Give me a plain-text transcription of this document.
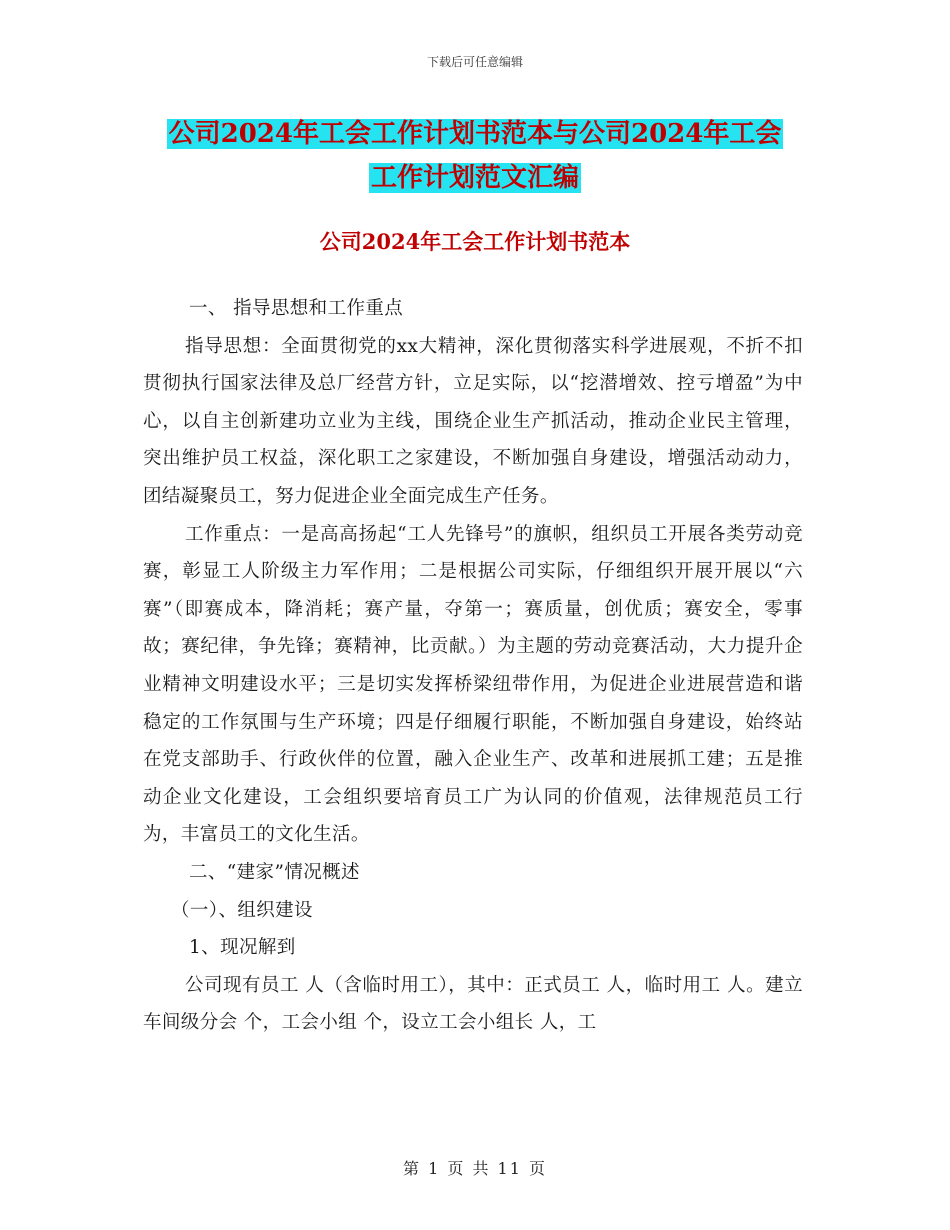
下载后可任意编辑
公司2024年工会工作计划书范本与公司2024年工会
工作计划范文汇编
公司2024年工会工作计划书范本

一、 指导思想和工作重点

指导思想：全面贯彻党的xx大精神，深化贯彻落实科学进展观，不折不扣贯彻执行国家法律及总厂经营方针，立足实际，以“挖潜增效、控亏增盈”为中心，以自主创新建功立业为主线，围绕企业生产抓活动，推动企业民主管理，突出维护员工权益，深化职工之家建设，不断加强自身建设，增强活动动力，团结凝聚员工，努力促进企业全面完成生产任务。

工作重点：一是高高扬起“工人先锋号”的旗帜，组织员工开展各类劳动竞赛，彰显工人阶级主力军作用；二是根据公司实际，仔细组织开展开展以“六赛”（即赛成本，降消耗；赛产量，夺第一；赛质量，创优质；赛安全，零事故；赛纪律，争先锋；赛精神，比贡献。）为主题的劳动竞赛活动，大力提升企业精神文明建设水平；三是切实发挥桥梁纽带作用，为促进企业进展营造和谐稳定的工作氛围与生产环境；四是仔细履行职能，不断加强自身建设，始终站在党支部助手、行政伙伴的位置，融入企业生产、改革和进展抓工建；五是推动企业文化建设，工会组织要培育员工广为认同的价值观，法律规范员工行为，丰富员工的文化生活。

二、“建家”情况概述

（一）、组织建设

1、现况解到

公司现有员工 人（含临时用工），其中：正式员工 人，临时用工 人。建立车间级分会 个，工会小组 个，设立工会小组长 人，工

第 1 页 共 11 页
